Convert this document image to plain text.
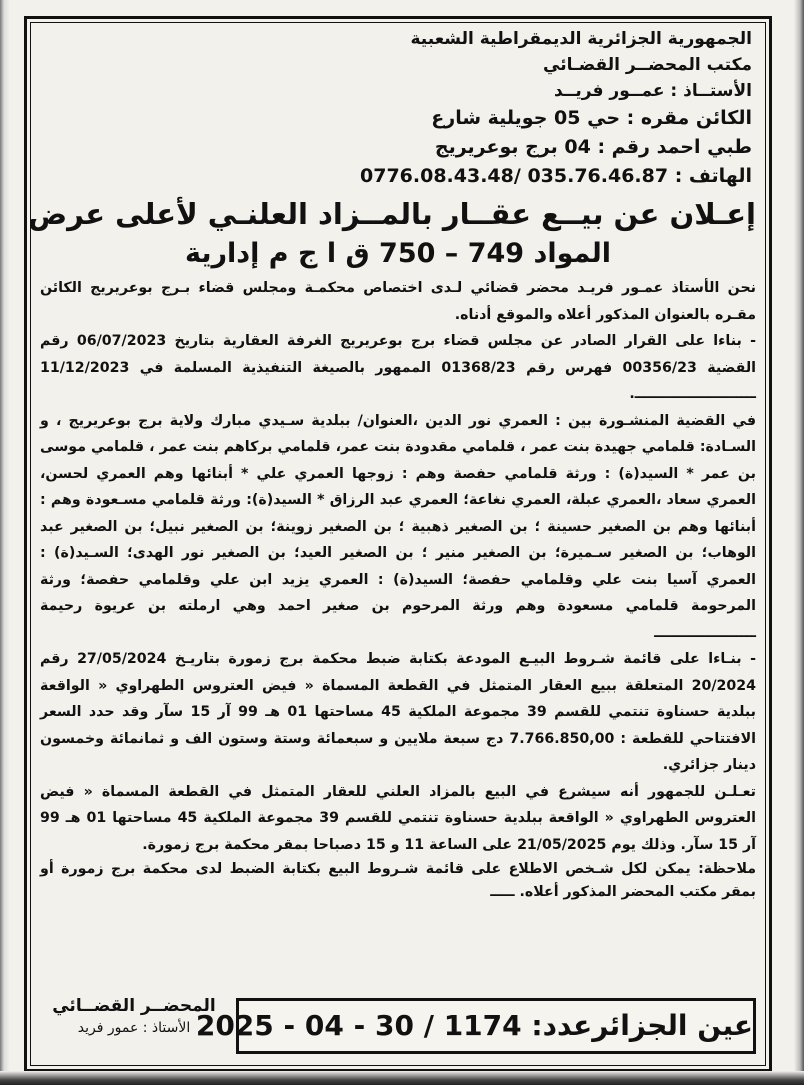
الجمهورية الجزائرية الديمقراطية الشعبية
مكتب المحضــر القضـائي
الأستــاذ : عمــور فريــد
الكائن مقره : حي 05 جويلية شارع
طبي احمد رقم : 04 برج بوعريريج
الهاتف : 035.76.46.87 /0776.08.43.48
إعـلان عن بيــع عقــار بالمــزاد العلنـي لأعلى عرض
المواد 749 – 750 ق ا ج م إدارية
نحن الأستاذ عمـور فريـد محضر قضائي لـدى اختصاص محكمـة ومجلس قضاء بـرج بوعريريج الكائن مقـره بالعنوان المذكور أعلاه والموقع أدناه.
- بناءا على القرار الصادر عن مجلس قضاء برج بوعريريج الغرفة العقارية بتاريخ 06/07/2023 رقم القضية 00356/23 فهرس رقم 01368/23 الممهور بالصيغة التنفيذية المسلمة في 11/12/2023 ـــــــــــــــــــــــــ.
في القضية المنشـورة بين : العمري نور الدين ،العنوان/ ببلدية سـيدي مبارك ولاية برج بوعريريج ، و السـادة: قلمامي جهيدة بنت عمر ، قلمامي مقدودة بنت عمر، قلمامي بركاهم بنت عمر ، قلمامي موسى بن عمر * السيد(ة) : ورثة قلمامي حفصة وهم : زوجها العمري علي * أبنائها وهم العمري لحسن، العمري سعاد ،العمري عبلة، العمري نغاعة؛ العمري عبد الرزاق * السيد(ة): ورثة قلمامي مسـعودة وهم : أبنائها وهم بن الصغير حسينة ؛ بن الصغير ذهبية ؛ بن الصغير زوينة؛ بن الصغير نبيل؛ بن الصغير عبد الوهاب؛ بن الصغير سـميرة؛ بن الصغير منير ؛ بن الصغير العيد؛ بن الصغير نور الهدى؛ السـيد(ة) : العمري آسيا بنت علي وقلمامي حفصة؛ السيد(ة) : العمري يزيد ابن علي وقلمامي حفصة؛ ورثة المرحومة قلمامي مسعودة وهم ورثة المرحوم بن صغير احمد وهي ارملته بن عريوة رحيمة ـــــــــــــــــــــ
- بنـاءا على قائمة شـروط البيـع المودعة بكتابة ضبط محكمة برج زمورة بتاريـخ 27/05/2024 رقم 20/2024 المتعلقة ببيع العقار المتمثل في القطعة المسماة « فيض العتروس الطهراوي « الواقعة ببلدية حسناوة تنتمي للقسم 39 مجموعة الملكية 45 مساحتها 01 هـ 99 آر 15 سآر وقد حدد السعر الافتتاحي للقطعة : 7.766.850,00 دج سبعة ملايين و سبعمائة وستة وستون الف و ثمانمائة وخمسون دينار جزائري.
تعـلـن للجمهور أنه سيشرع في البيع بالمزاد العلني للعقار المتمثل في القطعة المسماة « فيض العتروس الطهراوي « الواقعة ببلدية حسناوة تنتمي للقسم 39 مجموعة الملكية 45 مساحتها 01 هـ 99 آر 15 سآر. وذلك يوم 21/05/2025 على الساعة 11 و 15 دصباحا بمقر محكمة برج زمورة.
ملاحظة: يمكن لكل شـخص الاطلاع على قائمة شـروط البيع بكتابة الضبط لدى محكمة برج زمورة أو بمقر مكتب المحضر المذكور أعلاه. ـــــ
عين الجزائرعدد: 1174 / 30 - 04 - 2025
المحضــر القضــائي
الأستاذ : عمور فريد
